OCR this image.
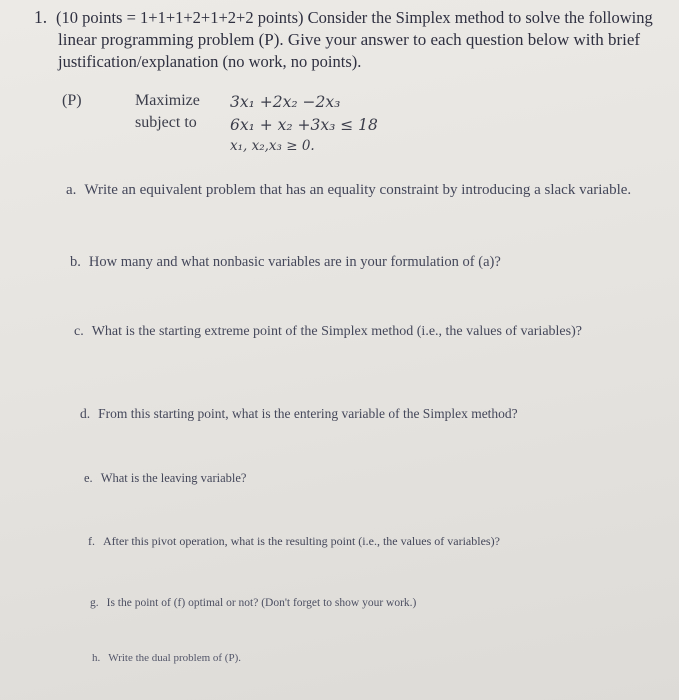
1. (10 points = 1+1+1+2+1+2+2 points) Consider the Simplex method to solve the following
linear programming problem (P). Give your answer to each question below with brief
justification/explanation (no work, no points).
(P)	Maximize
subject to
3x₁ +2x₂ −2x₃
6x₁ + x₂ +3x₃ ≤ 18
x₁, x₂,x₃ ≥ 0.
a. Write an equivalent problem that has an equality constraint by introducing a slack variable.
b. How many and what nonbasic variables are in your formulation of (a)?
c. What is the starting extreme point of the Simplex method (i.e., the values of variables)?
d. From this starting point, what is the entering variable of the Simplex method?
e. What is the leaving variable?
f. After this pivot operation, what is the resulting point (i.e., the values of variables)?
g. Is the point of (f) optimal or not? (Don't forget to show your work.)
h. Write the dual problem of (P).
